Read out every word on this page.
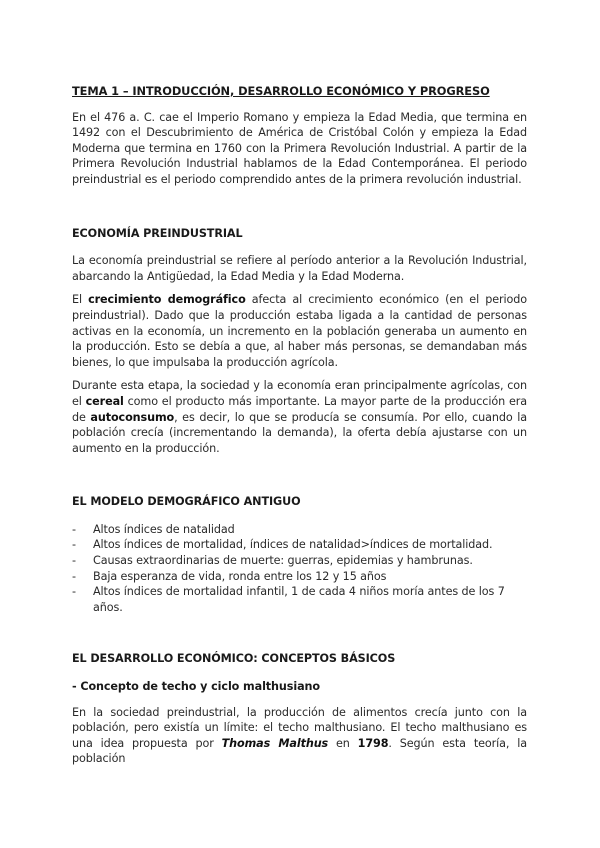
TEMA 1 – INTRODUCCIÓN, DESARROLLO ECONÓMICO Y PROGRESO

En el 476 a. C. cae el Imperio Romano y empieza la Edad Media, que termina en 1492 con el Descubrimiento de América de Cristóbal Colón y empieza la Edad Moderna que termina en 1760 con la Primera Revolución Industrial. A partir de la Primera Revolución Industrial hablamos de la Edad Contemporánea. El periodo preindustrial es el periodo comprendido antes de la primera revolución industrial.

ECONOMÍA PREINDUSTRIAL

La economía preindustrial se refiere al período anterior a la Revolución Industrial, abarcando la Antigüedad, la Edad Media y la Edad Moderna.

El crecimiento demográfico afecta al crecimiento económico (en el periodo preindustrial). Dado que la producción estaba ligada a la cantidad de personas activas en la economía, un incremento en la población generaba un aumento en la producción. Esto se debía a que, al haber más personas, se demandaban más bienes, lo que impulsaba la producción agrícola.

Durante esta etapa, la sociedad y la economía eran principalmente agrícolas, con el cereal como el producto más importante. La mayor parte de la producción era de autoconsumo, es decir, lo que se producía se consumía. Por ello, cuando la población crecía (incrementando la demanda), la oferta debía ajustarse con un aumento en la producción.

EL MODELO DEMOGRÁFICO ANTIGUO
- Altos índices de natalidad
- Altos índices de mortalidad, índices de natalidad>índices de mortalidad.
- Causas extraordinarias de muerte: guerras, epidemias y hambrunas.
- Baja esperanza de vida, ronda entre los 12 y 15 años
- Altos índices de mortalidad infantil, 1 de cada 4 niños moría antes de los 7 años.
EL DESARROLLO ECONÓMICO: CONCEPTOS BÁSICOS
- Concepto de techo y ciclo malthusiano

En la sociedad preindustrial, la producción de alimentos crecía junto con la población, pero existía un límite: el techo malthusiano. El techo malthusiano es una idea propuesta por Thomas Malthus en 1798. Según esta teoría, la población
